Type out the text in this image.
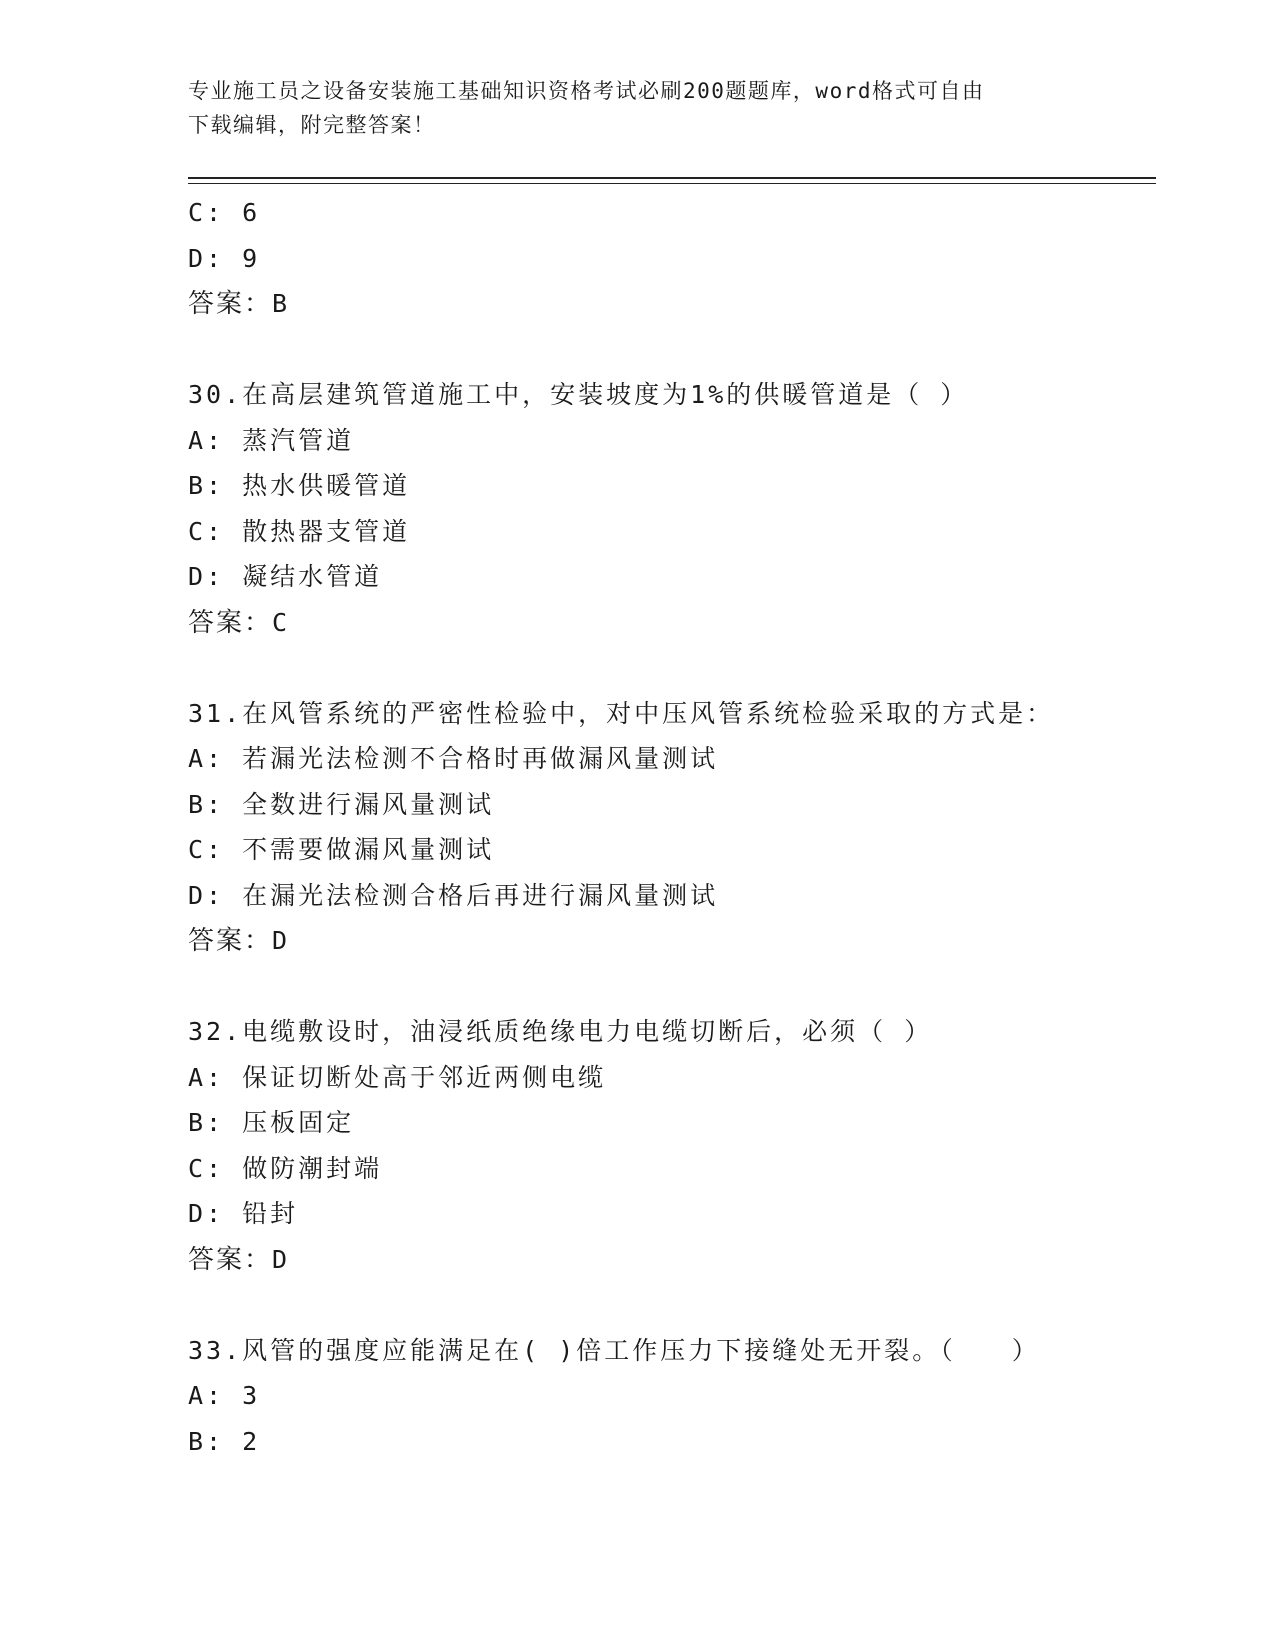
专业施工员之设备安装施工基础知识资格考试必刷200题题库，word格式可自由
下载编辑，附完整答案！
C: 6
D: 9
答案：B
30.在高层建筑管道施工中，安装坡度为1%的供暖管道是（ ）
A: 蒸汽管道
B: 热水供暖管道
C: 散热器支管道
D: 凝结水管道
答案：C
31.在风管系统的严密性检验中，对中压风管系统检验采取的方式是：
A: 若漏光法检测不合格时再做漏风量测试
B: 全数进行漏风量测试
C: 不需要做漏风量测试
D: 在漏光法检测合格后再进行漏风量测试
答案：D
32.电缆敷设时，油浸纸质绝缘电力电缆切断后，必须（ ）
A: 保证切断处高于邻近两侧电缆
B: 压板固定
C: 做防潮封端
D: 铅封
答案：D
33.风管的强度应能满足在( )倍工作压力下接缝处无开裂。（　　）
A: 3
B: 2
